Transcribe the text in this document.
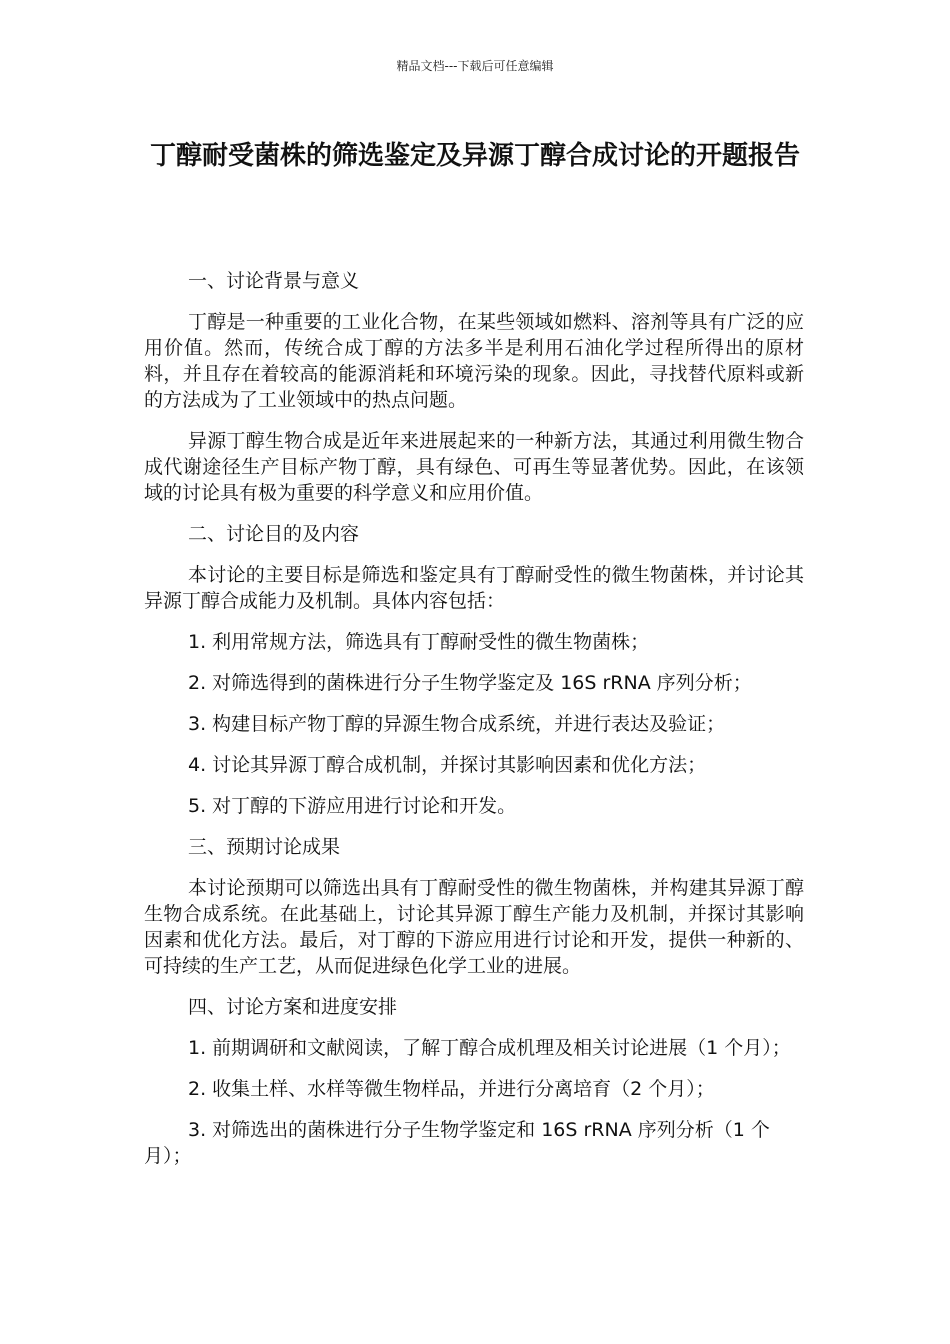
精品文档---下载后可任意编辑
丁醇耐受菌株的筛选鉴定及异源丁醇合成讨论的开题报告
一、讨论背景与意义
丁醇是一种重要的工业化合物，在某些领域如燃料、溶剂等具有广泛的应用价值。然而，传统合成丁醇的方法多半是利用石油化学过程所得出的原材料，并且存在着较高的能源消耗和环境污染的现象。因此，寻找替代原料或新的方法成为了工业领域中的热点问题。
异源丁醇生物合成是近年来进展起来的一种新方法，其通过利用微生物合成代谢途径生产目标产物丁醇，具有绿色、可再生等显著优势。因此，在该领域的讨论具有极为重要的科学意义和应用价值。
二、讨论目的及内容
本讨论的主要目标是筛选和鉴定具有丁醇耐受性的微生物菌株，并讨论其异源丁醇合成能力及机制。具体内容包括：
1. 利用常规方法，筛选具有丁醇耐受性的微生物菌株；
2. 对筛选得到的菌株进行分子生物学鉴定及 16S rRNA 序列分析；
3. 构建目标产物丁醇的异源生物合成系统，并进行表达及验证；
4. 讨论其异源丁醇合成机制，并探讨其影响因素和优化方法；
5. 对丁醇的下游应用进行讨论和开发。
三、预期讨论成果
本讨论预期可以筛选出具有丁醇耐受性的微生物菌株，并构建其异源丁醇生物合成系统。在此基础上，讨论其异源丁醇生产能力及机制，并探讨其影响因素和优化方法。最后，对丁醇的下游应用进行讨论和开发，提供一种新的、可持续的生产工艺，从而促进绿色化学工业的进展。
四、讨论方案和进度安排
1. 前期调研和文献阅读，了解丁醇合成机理及相关讨论进展（1 个月）；
2. 收集土样、水样等微生物样品，并进行分离培育（2 个月）；
3. 对筛选出的菌株进行分子生物学鉴定和 16S rRNA 序列分析（1 个月）；
